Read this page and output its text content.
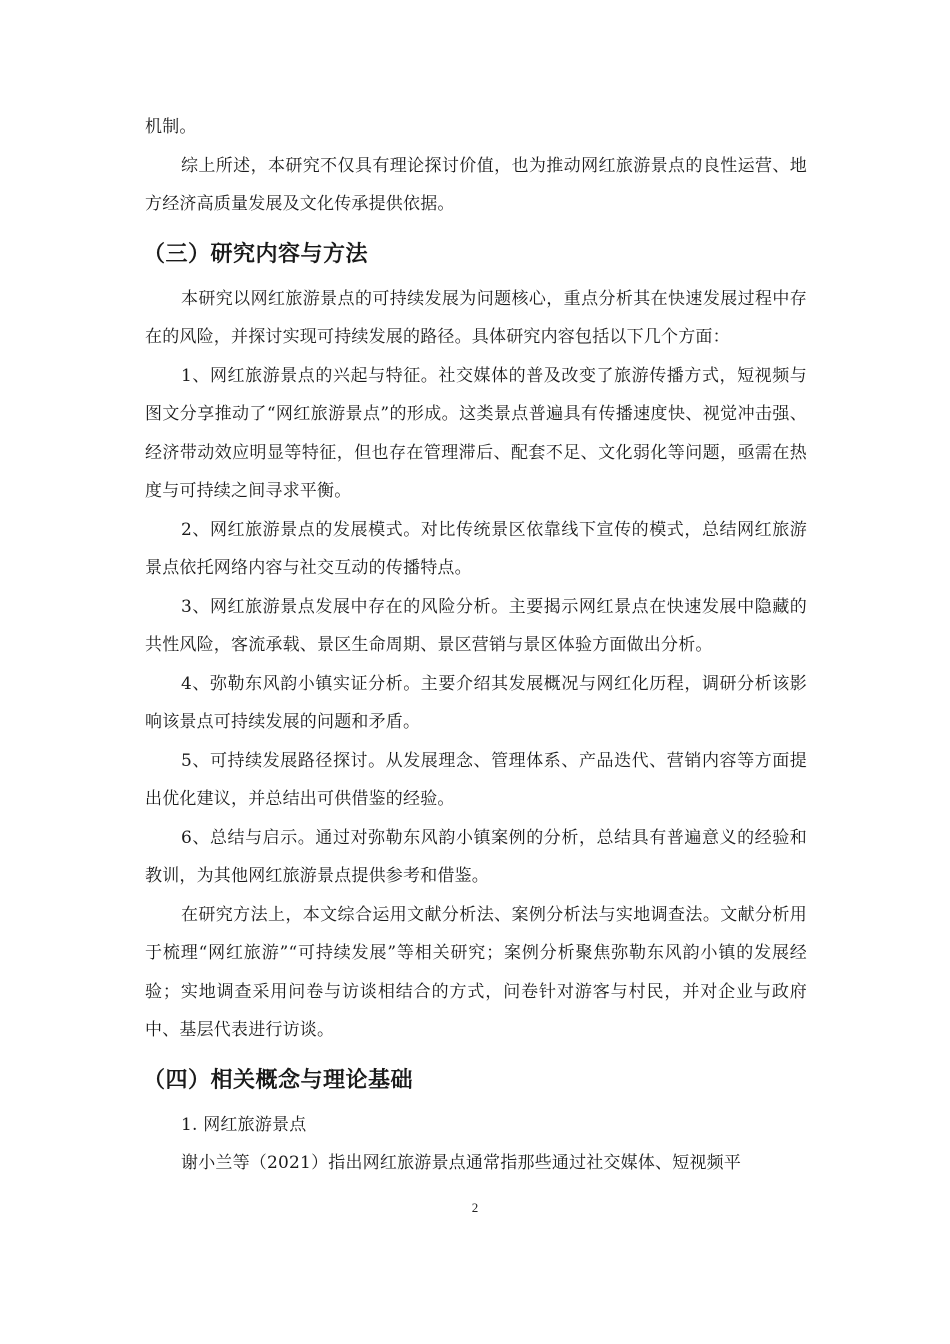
机制。

综上所述，本研究不仅具有理论探讨价值，也为推动网红旅游景点的良性运营、地方经济高质量发展及文化传承提供依据。

（三）研究内容与方法

本研究以网红旅游景点的可持续发展为问题核心，重点分析其在快速发展过程中存在的风险，并探讨实现可持续发展的路径。具体研究内容包括以下几个方面：

1、网红旅游景点的兴起与特征。社交媒体的普及改变了旅游传播方式，短视频与图文分享推动了“网红旅游景点”的形成。这类景点普遍具有传播速度快、视觉冲击强、经济带动效应明显等特征，但也存在管理滞后、配套不足、文化弱化等问题，亟需在热度与可持续之间寻求平衡。

2、网红旅游景点的发展模式。对比传统景区依靠线下宣传的模式，总结网红旅游景点依托网络内容与社交互动的传播特点。

3、网红旅游景点发展中存在的风险分析。主要揭示网红景点在快速发展中隐藏的共性风险，客流承载、景区生命周期、景区营销与景区体验方面做出分析。

4、弥勒东风韵小镇实证分析。主要介绍其发展概况与网红化历程，调研分析该影响该景点可持续发展的问题和矛盾。

5、可持续发展路径探讨。从发展理念、管理体系、产品迭代、营销内容等方面提出优化建议，并总结出可供借鉴的经验。

6、总结与启示。通过对弥勒东风韵小镇案例的分析，总结具有普遍意义的经验和教训，为其他网红旅游景点提供参考和借鉴。

在研究方法上，本文综合运用文献分析法、案例分析法与实地调查法。文献分析用于梳理“网红旅游”“可持续发展”等相关研究；案例分析聚焦弥勒东风韵小镇的发展经验；实地调查采用问卷与访谈相结合的方式，问卷针对游客与村民，并对企业与政府中、基层代表进行访谈。

（四）相关概念与理论基础

1. 网红旅游景点

谢小兰等（2021）指出网红旅游景点通常指那些通过社交媒体、短视频平

2
